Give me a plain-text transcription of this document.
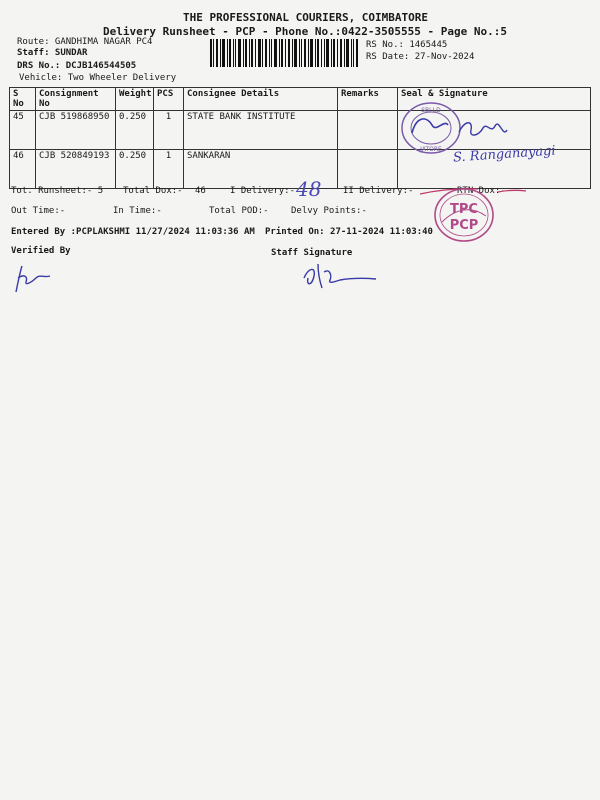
THE PROFESSIONAL COURIERS, COIMBATORE
Delivery Runsheet - PCP - Phone No.:0422-3505555 - Page No.:5
Route: GANDHIMA NAGAR PC4
Staff: SUNDAR
DRS No.: DCJB146544505
Vehicle: Two Wheeler Delivery
RS No.: 1465445
RS Date: 27-Nov-2024
S No	Consignment No	Weight	PCS	Consignee Details	Remarks	Seal & Signature
45	CJB 519868950	0.250	1	STATE BANK INSTITUTE		
46	CJB 520849193	0.250	1	SANKARAN		
Tot. Runsheet:- 5 Total Dox:- 46	I Delivery:- 48 II Delivery:-	RTN Dox:-
Out Time:-	In Time:-	Total POD:- Delvy Points:-
Entered By :PCPLAKSHMI 11/27/2024 11:03:36 AM Printed On: 27-11-2024 11:03:40
Verified By	Staff Signature
SBI LD
JATORE S. Ranganayagi
TPC
PCP
